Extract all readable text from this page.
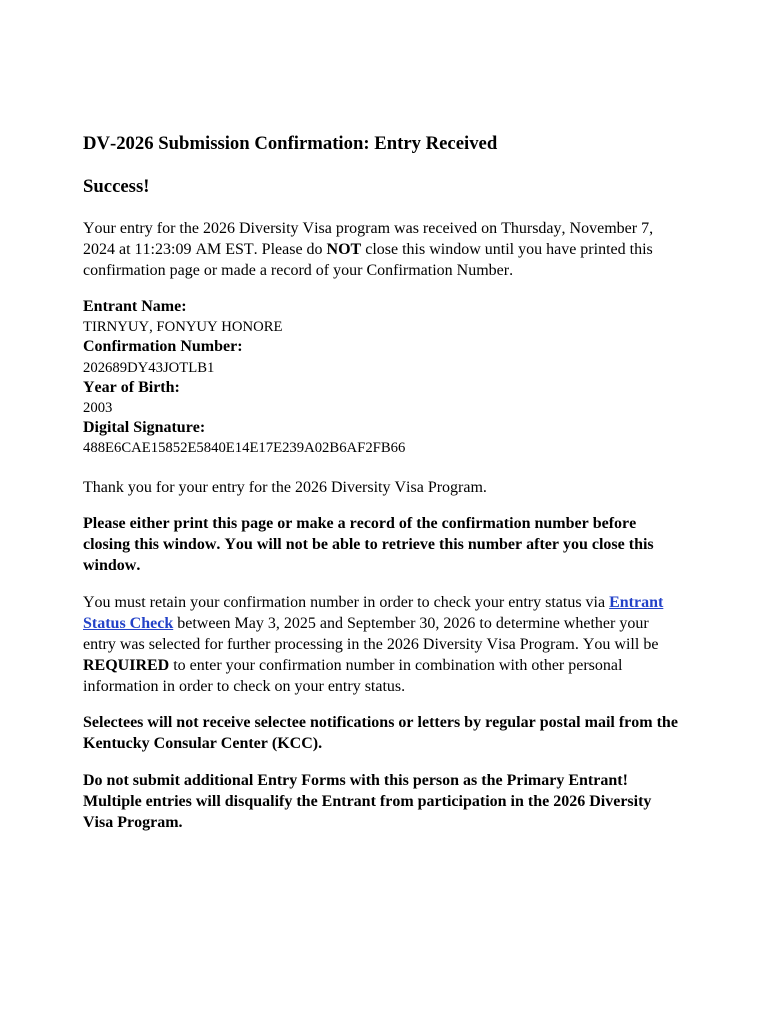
DV-2026 Submission Confirmation: Entry Received
Success!

Your entry for the 2026 Diversity Visa program was received on Thursday, November 7, 2024 at 11:23:09 AM EST. Please do NOT close this window until you have printed this confirmation page or made a record of your Confirmation Number.

Entrant Name:
TIRNYUY, FONYUY HONORE
Confirmation Number:
202689DY43JOTLB1
Year of Birth:
2003
Digital Signature:
488E6CAE15852E5840E14E17E239A02B6AF2FB66

Thank you for your entry for the 2026 Diversity Visa Program.

Please either print this page or make a record of the confirmation number before closing this window. You will not be able to retrieve this number after you close this window.

You must retain your confirmation number in order to check your entry status via Entrant Status Check between May 3, 2025 and September 30, 2026 to determine whether your entry was selected for further processing in the 2026 Diversity Visa Program. You will be REQUIRED to enter your confirmation number in combination with other personal information in order to check on your entry status.

Selectees will not receive selectee notifications or letters by regular postal mail from the Kentucky Consular Center (KCC).

Do not submit additional Entry Forms with this person as the Primary Entrant! Multiple entries will disqualify the Entrant from participation in the 2026 Diversity Visa Program.
